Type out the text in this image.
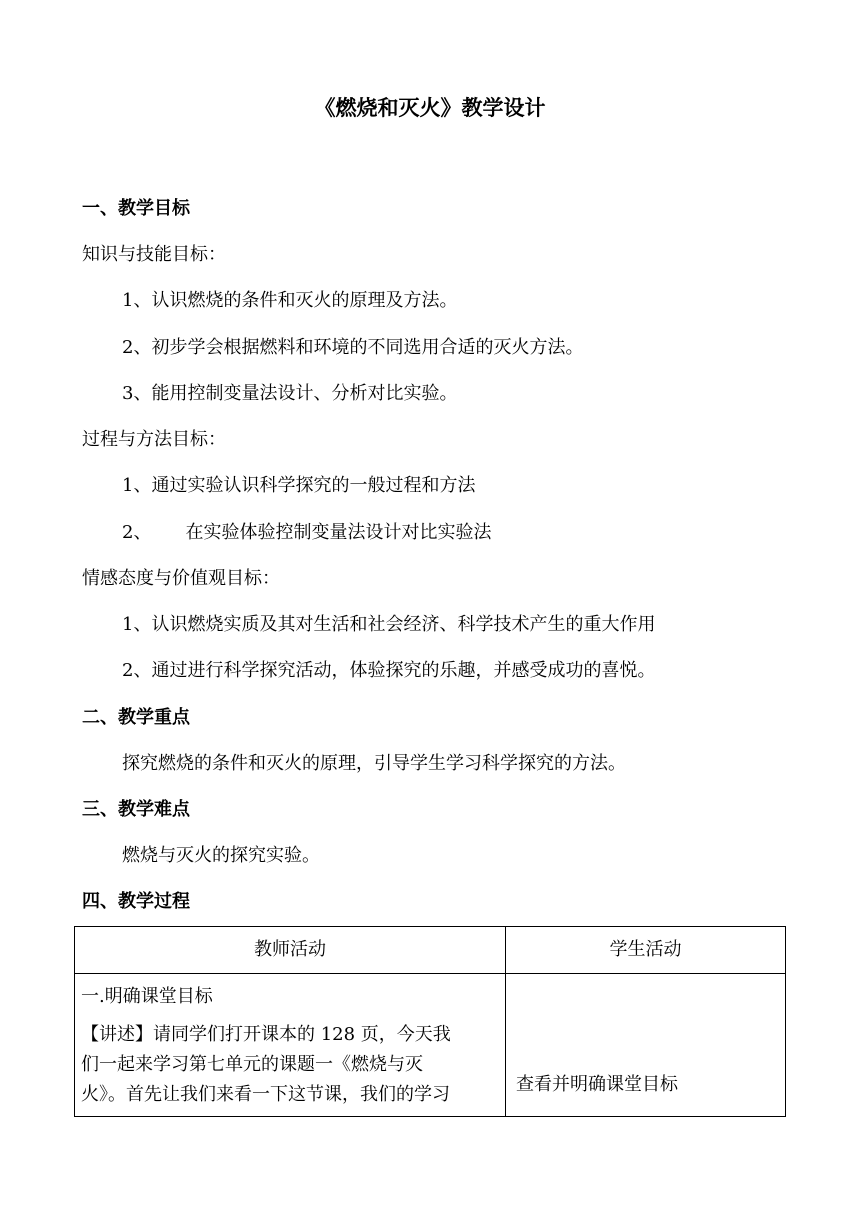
《燃烧和灭火》教学设计
一、教学目标
知识与技能目标：
1、认识燃烧的条件和灭火的原理及方法。
2、初步学会根据燃料和环境的不同选用合适的灭火方法。
3、能用控制变量法设计、分析对比实验。
过程与方法目标：
1、通过实验认识科学探究的一般过程和方法
2、 在实验体验控制变量法设计对比实验法
情感态度与价值观目标：
1、认识燃烧实质及其对生活和社会经济、科学技术产生的重大作用
2、通过进行科学探究活动，体验探究的乐趣，并感受成功的喜悦。
二、教学重点
探究燃烧的条件和灭火的原理，引导学生学习科学探究的方法。
三、教学难点
燃烧与灭火的探究实验。
四、教学过程
教师活动	学生活动

一.明确课堂目标
【讲述】请同学们打开课本的 128 页，今天我
们一起来学习第七单元的课题一《燃烧与灭
火》。首先让我们来看一下这节课，我们的学习	查看并明确课堂目标
